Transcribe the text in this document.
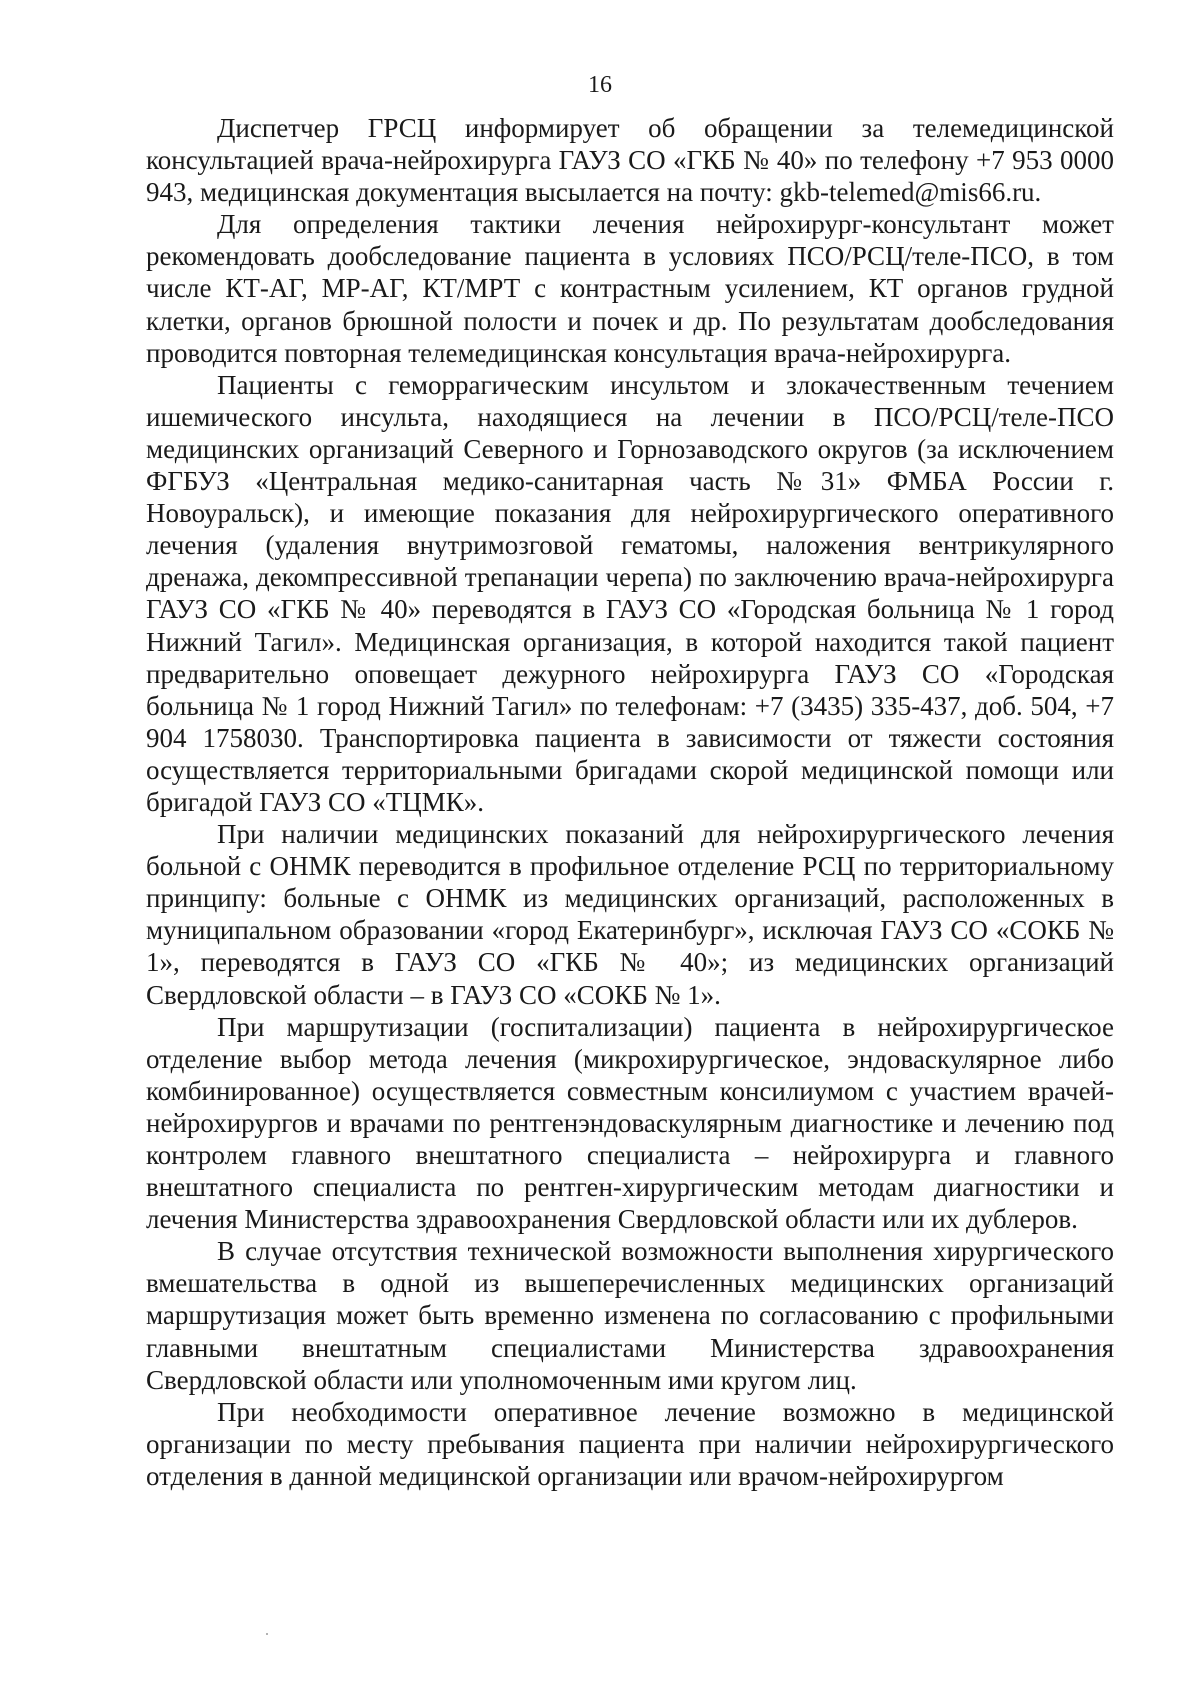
16

Диспетчер ГРСЦ информирует об обращении за телемедицинской консультацией врача-нейрохирурга ГАУЗ СО «ГКБ № 40» по телефону +7 953 0000 943, медицинская документация высылается на почту: gkb-telemed@mis66.ru.

Для определения тактики лечения нейрохирург-консультант может рекомендовать дообследование пациента в условиях ПСО/РСЦ/теле-ПСО, в том числе КТ-АГ, МР-АГ, КТ/МРТ с контрастным усилением, КТ органов грудной клетки, органов брюшной полости и почек и др. По результатам дообследования проводится повторная телемедицинская консультация врача-нейрохирурга.

Пациенты с геморрагическим инсультом и злокачественным течением ишемического инсульта, находящиеся на лечении в ПСО/РСЦ/теле-ПСО медицинских организаций Северного и Горнозаводского округов (за исключением ФГБУЗ «Центральная медико-санитарная часть №31» ФМБА России г. Новоуральск), и имеющие показания для нейрохирургического оперативного лечения (удаления внутримозговой гематомы, наложения вентрикулярного дренажа, декомпрессивной трепанации черепа) по заключению врача-нейрохирурга ГАУЗ СО «ГКБ № 40» переводятся в ГАУЗ СО «Городская больница № 1 город Нижний Тагил». Медицинская организация, в которой находится такой пациент предварительно оповещает дежурного нейрохирурга ГАУЗ СО «Городская больница № 1 город Нижний Тагил» по телефонам: +7 (3435) 335-437, доб. 504, +7 904 1758030. Транспортировка пациента в зависимости от тяжести состояния осуществляется территориальными бригадами скорой медицинской помощи или бригадой ГАУЗ СО «ТЦМК».

При наличии медицинских показаний для нейрохирургического лечения больной с ОНМК переводится в профильное отделение РСЦ по территориальному принципу: больные с ОНМК из медицинских организаций, расположенных в муниципальном образовании «город Екатеринбург», исключая ГАУЗ СО «СОКБ № 1», переводятся в ГАУЗ СО «ГКБ № 40»; из медицинских организаций Свердловской области – в ГАУЗ СО «СОКБ № 1».

При маршрутизации (госпитализации) пациента в нейрохирургическое отделение выбор метода лечения (микрохирургическое, эндоваскулярное либо комбинированное) осуществляется совместным консилиумом с участием врачей-нейрохирургов и врачами по рентгенэндоваскулярным диагностике и лечению под контролем главного внештатного специалиста – нейрохирурга и главного внештатного специалиста по рентген-хирургическим методам диагностики и лечения Министерства здравоохранения Свердловской области или их дублеров.

В случае отсутствия технической возможности выполнения хирургического вмешательства в одной из вышеперечисленных медицинских организаций маршрутизация может быть временно изменена по согласованию с профильными главными внештатным специалистами Министерства здравоохранения Свердловской области или уполномоченным ими кругом лиц.

При необходимости оперативное лечение возможно в медицинской организации по месту пребывания пациента при наличии нейрохирургического отделения в данной медицинской организации или врачом-нейрохирургом
